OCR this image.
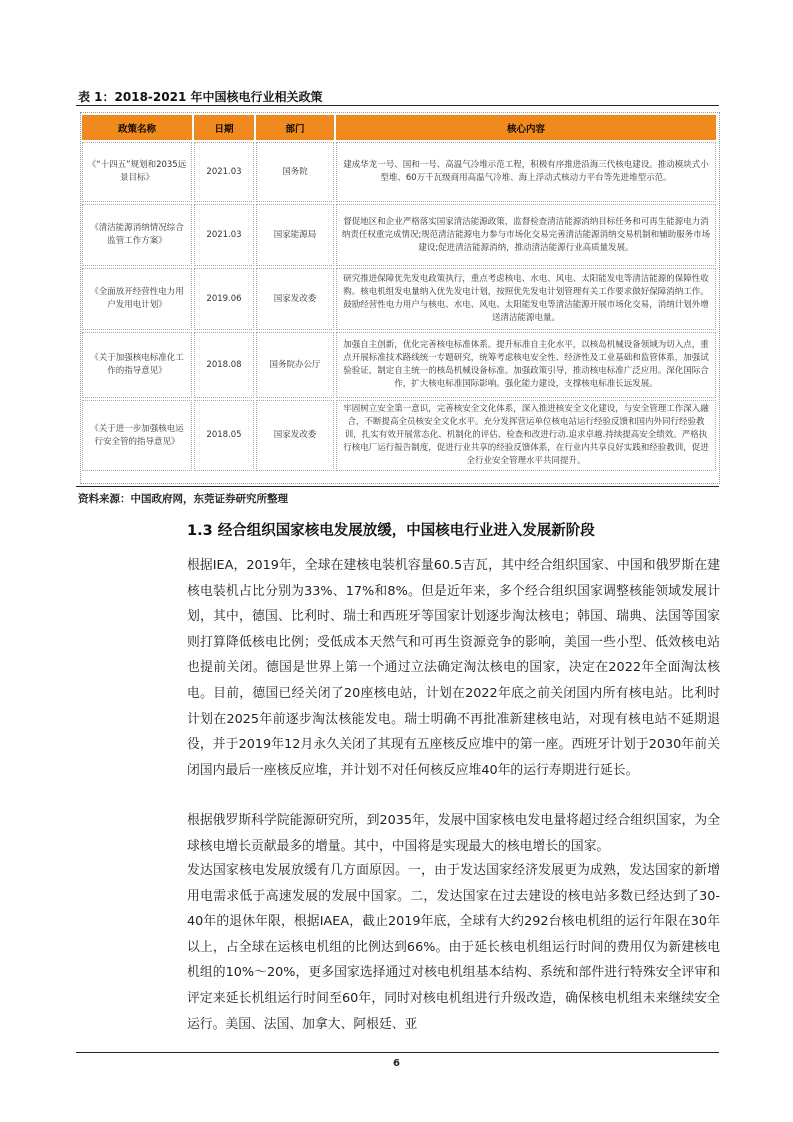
表 1：2018-2021 年中国核电行业相关政策
政策名称	日期	部门	核心内容
《“十四五”规划和2035远景目标》	2021.03	国务院	建成华龙一号、国和一号、高温气冷堆示范工程，积极有序推进沿海三代核电建设。推动模块式小型堆、60万千瓦级商用高温气冷堆、海上浮动式核动力平台等先进堆型示范。
《清洁能源消纳情况综合监管工作方案》	2021.03	国家能源局	督促地区和企业严格落实国家清洁能源政策，监督检查清洁能源消纳目标任务和可再生能源电力消纳责任权重完成情况;规范清洁能源电力参与市场化交易完善清洁能源消纳交易机制和辅助服务市场建设;促进清洁能源消纳，推动清洁能源行业高质量发展。
《全面放开经营性电力用户发用电计划》	2019.06	国家发改委	研究推进保障优先发电政策执行，重点考虑核电、水电、风电、太阳能发电等清洁能源的保障性收购。核电机组发电量纳入优先发电计划，按照优先发电计划管理有关工作要求做好保障消纳工作。鼓励经营性电力用户与核电、水电、风电、太阳能发电等清洁能源开展市场化交易，消纳计划外增送清洁能源电量。
《关于加强核电标准化工作的指导意见》	2018.08	国务院办公厅	加强自主创新，优化完善核电标准体系。提升标准自主化水平，以核岛机械设备领域为切入点，重点开展标准技术路线统一专题研究，统筹考虑核电安全性、经济性及工业基础和监管体系，加强试验验证，制定自主统一的核岛机械设备标准。加强政策引导，推动核电标准广泛应用。深化国际合作，扩大核电标准国际影响。强化能力建设，支撑核电标准长远发展。
《关于进一步加强核电运行安全管的指导意见》	2018.05	国家发改委	牢固树立安全第一意识，完善核安全文化体系，深入推进核安全文化建设，与安全管理工作深入融合，不断提高全员核安全文化水平。充分发挥营运单位核电站运行经验反馈和国内外同行经验教训，扎实有效开展常态化、机制化的评估、检查和改进行动.追求卓越.持续提高安全绩效。严格执行核电厂运行报告制度，促进行业共享的经验反馈体系，在行业内共享良好实践和经验教训，促进全行业安全管理水平共同提升。
资料来源：中国政府网，东莞证券研究所整理
1.3 经合组织国家核电发展放缓，中国核电行业进入发展新阶段

根据IEA，2019年，全球在建核电装机容量60.5吉瓦，其中经合组织国家、中国和俄罗斯在建核电装机占比分别为33%、17%和8%。但是近年来，多个经合组织国家调整核能领域发展计划，其中，德国、比利时、瑞士和西班牙等国家计划逐步淘汰核电；韩国、瑞典、法国等国家则打算降低核电比例；受低成本天然气和可再生资源竞争的影响，美国一些小型、低效核电站也提前关闭。德国是世界上第一个通过立法确定淘汰核电的国家，决定在2022年全面淘汰核电。目前，德国已经关闭了20座核电站，计划在2022年底之前关闭国内所有核电站。比利时计划在2025年前逐步淘汰核能发电。瑞士明确不再批准新建核电站，对现有核电站不延期退役，并于2019年12月永久关闭了其现有五座核反应堆中的第一座。西班牙计划于2030年前关闭国内最后一座核反应堆，并计划不对任何核反应堆40年的运行寿期进行延长。

根据俄罗斯科学院能源研究所，到2035年，发展中国家核电发电量将超过经合组织国家，为全球核电增长贡献最多的增量。其中，中国将是实现最大的核电增长的国家。

发达国家核电发展放缓有几方面原因。一，由于发达国家经济发展更为成熟，发达国家的新增用电需求低于高速发展的发展中国家。二，发达国家在过去建设的核电站多数已经达到了30-40年的退休年限，根据IAEA，截止2019年底，全球有大约292台核电机组的运行年限在30年以上，占全球在运核电机组的比例达到66%。由于延长核电机组运行时间的费用仅为新建核电机组的10%～20%，更多国家选择通过对核电机组基本结构、系统和部件进行特殊安全评审和评定来延长机组运行时间至60年，同时对核电机组进行升级改造，确保核电机组未来继续安全运行。美国、法国、加拿大、阿根廷、亚

6
